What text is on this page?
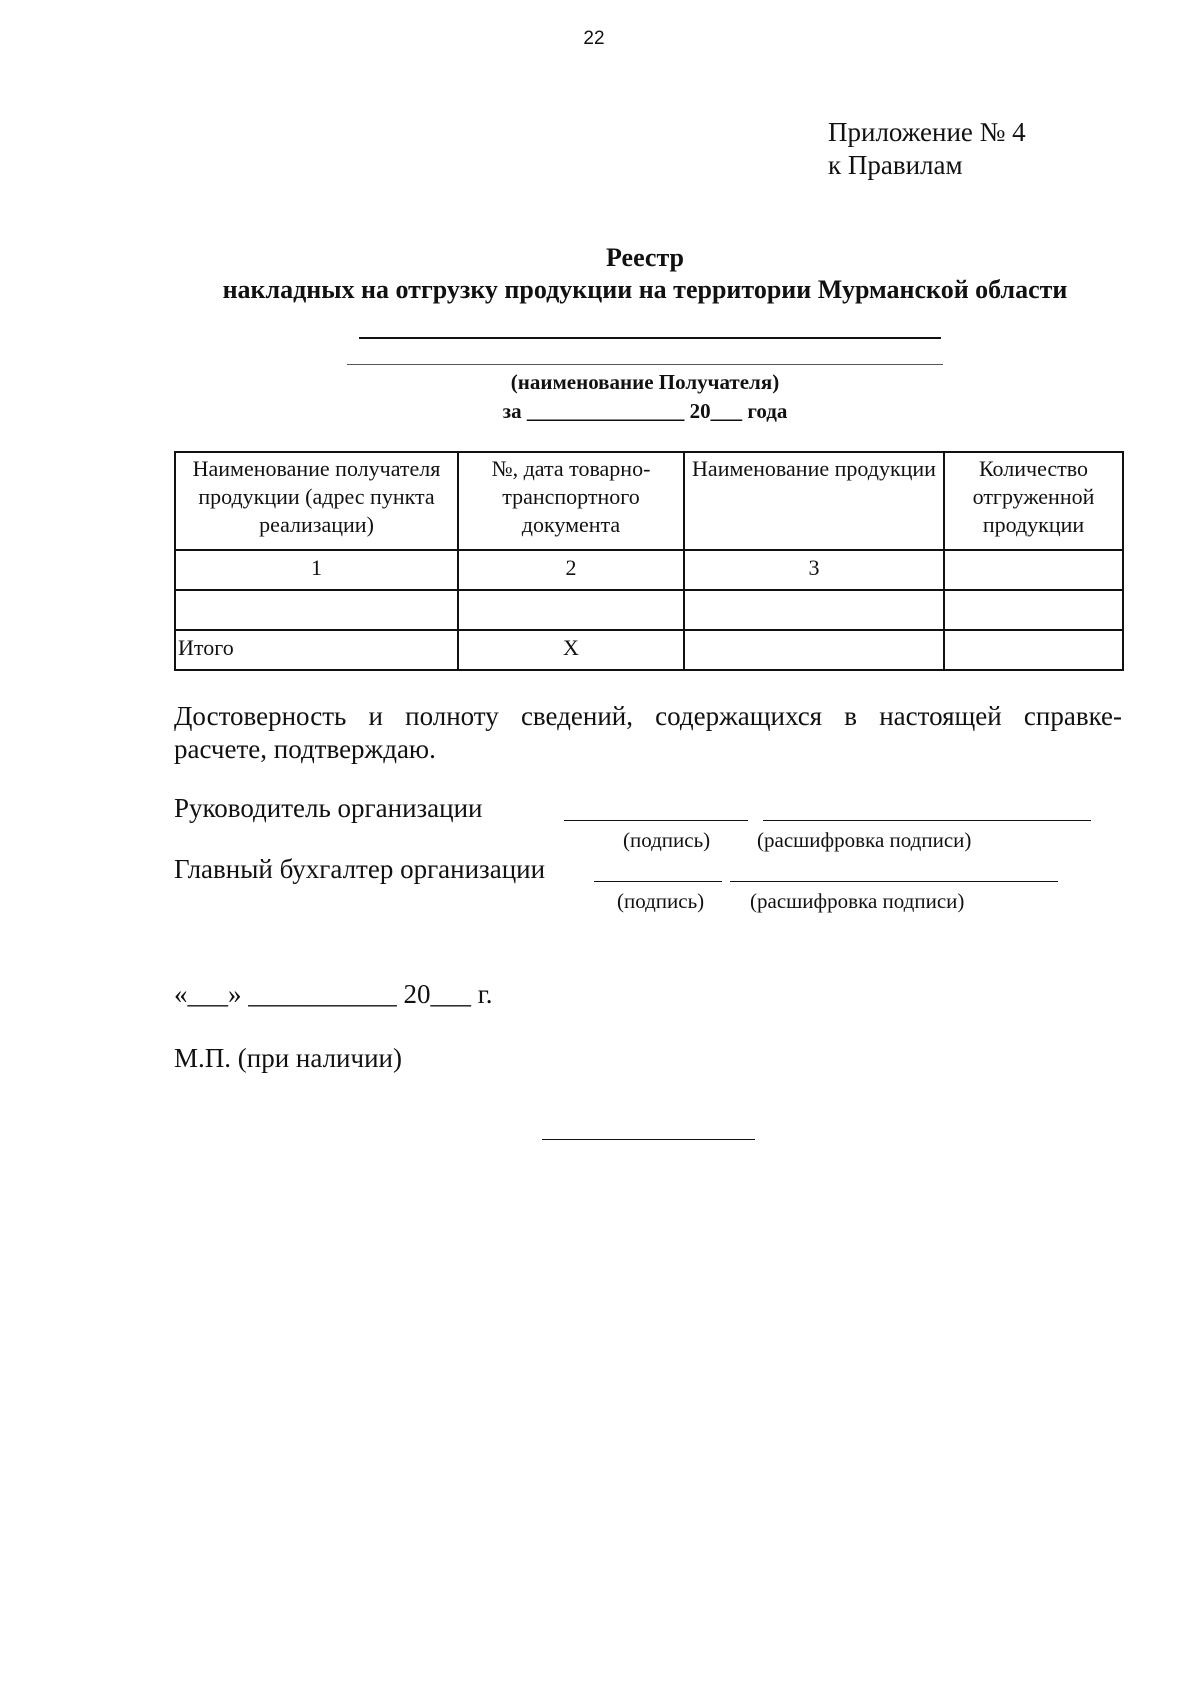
22
Приложение № 4
к Правилам
Реестр
накладных на отгрузку продукции на территории Мурманской области
(наименование Получателя)
за _______________ 20___ года
Наименование получателя продукции (адрес пункта реализации)	№, дата товарно-транспортного документа	Наименование продукции	Количество отгруженной продукции
1	2	3	

Итого	Х		
Достоверность и полноту сведений, содержащихся в настоящей справке-
расчете, подтверждаю.
Руководитель организации
(подпись) (расшифровка подписи)
Главный бухгалтер организации
(подпись) (расшифровка подписи)
«___» ___________ 20___ г.
М.П. (при наличии)
